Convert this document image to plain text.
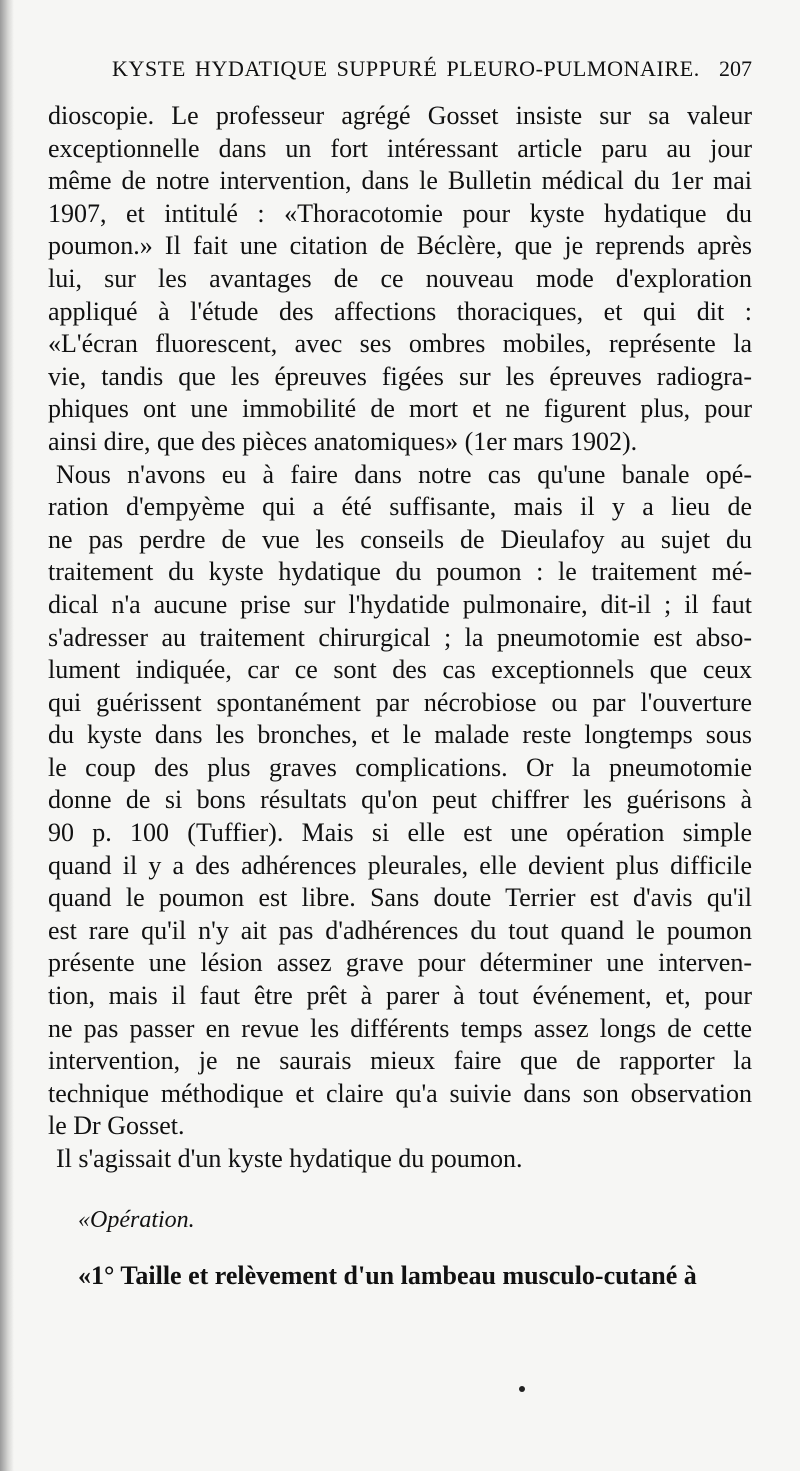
KYSTE HYDATIQUE SUPPURÉ PLEURO-PULMONAIRE. 207
dioscopie. Le professeur agrégé Gosset insiste sur sa valeur
exceptionnelle dans un fort intéressant article paru au jour
même de notre intervention, dans le Bulletin médical du 1er mai
1907, et intitulé : «Thoracotomie pour kyste hydatique du
poumon.» Il fait une citation de Béclère, que je reprends après
lui, sur les avantages de ce nouveau mode d'exploration
appliqué à l'étude des affections thoraciques, et qui dit :
«L'écran fluorescent, avec ses ombres mobiles, représente la
vie, tandis que les épreuves figées sur les épreuves radiogra-
phiques ont une immobilité de mort et ne figurent plus, pour
ainsi dire, que des pièces anatomiques» (1er mars 1902).
Nous n'avons eu à faire dans notre cas qu'une banale opé-
ration d'empyème qui a été suffisante, mais il y a lieu de
ne pas perdre de vue les conseils de Dieulafoy au sujet du
traitement du kyste hydatique du poumon : le traitement mé-
dical n'a aucune prise sur l'hydatide pulmonaire, dit-il ; il faut
s'adresser au traitement chirurgical ; la pneumotomie est abso-
lument indiquée, car ce sont des cas exceptionnels que ceux
qui guérissent spontanément par nécrobiose ou par l'ouverture
du kyste dans les bronches, et le malade reste longtemps sous
le coup des plus graves complications. Or la pneumotomie
donne de si bons résultats qu'on peut chiffrer les guérisons à
90 p. 100 (Tuffier). Mais si elle est une opération simple
quand il y a des adhérences pleurales, elle devient plus difficile
quand le poumon est libre. Sans doute Terrier est d'avis qu'il
est rare qu'il n'y ait pas d'adhérences du tout quand le poumon
présente une lésion assez grave pour déterminer une interven-
tion, mais il faut être prêt à parer à tout événement, et, pour
ne pas passer en revue les différents temps assez longs de cette
intervention, je ne saurais mieux faire que de rapporter la
technique méthodique et claire qu'a suivie dans son observation
le Dr Gosset.
Il s'agissait d'un kyste hydatique du poumon.
«Opération.
«1° Taille et relèvement d'un lambeau musculo-cutané à
